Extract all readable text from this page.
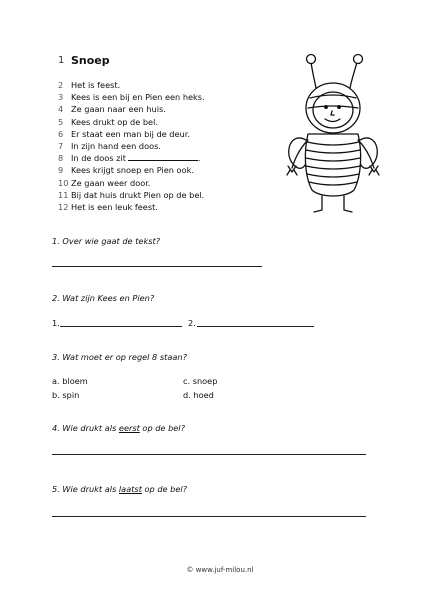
1 Snoep
2 Het is feest.
3 Kees is een bij en Pien een heks.
4 Ze gaan naar een huis.
5 Kees drukt op de bel.
6 Er staat een man bij de deur.
7 In zijn hand een doos.
8 In de doos zit	.
9 Kees krijgt snoep en Pien ook.
10 Ze gaan weer door.
11 Bij dat huis drukt Pien op de bel.
12 Het is een leuk feest.
1. Over wie gaat de tekst?
2. Wat zijn Kees en Pien?
1.	2.
3. Wat moet er op regel 8 staan?
a. bloem	c. snoep
b. spin	d. hoed
4. Wie drukt als eerst op de bel?
5. Wie drukt als laatst op de bel?
© www.juf-milou.nl
